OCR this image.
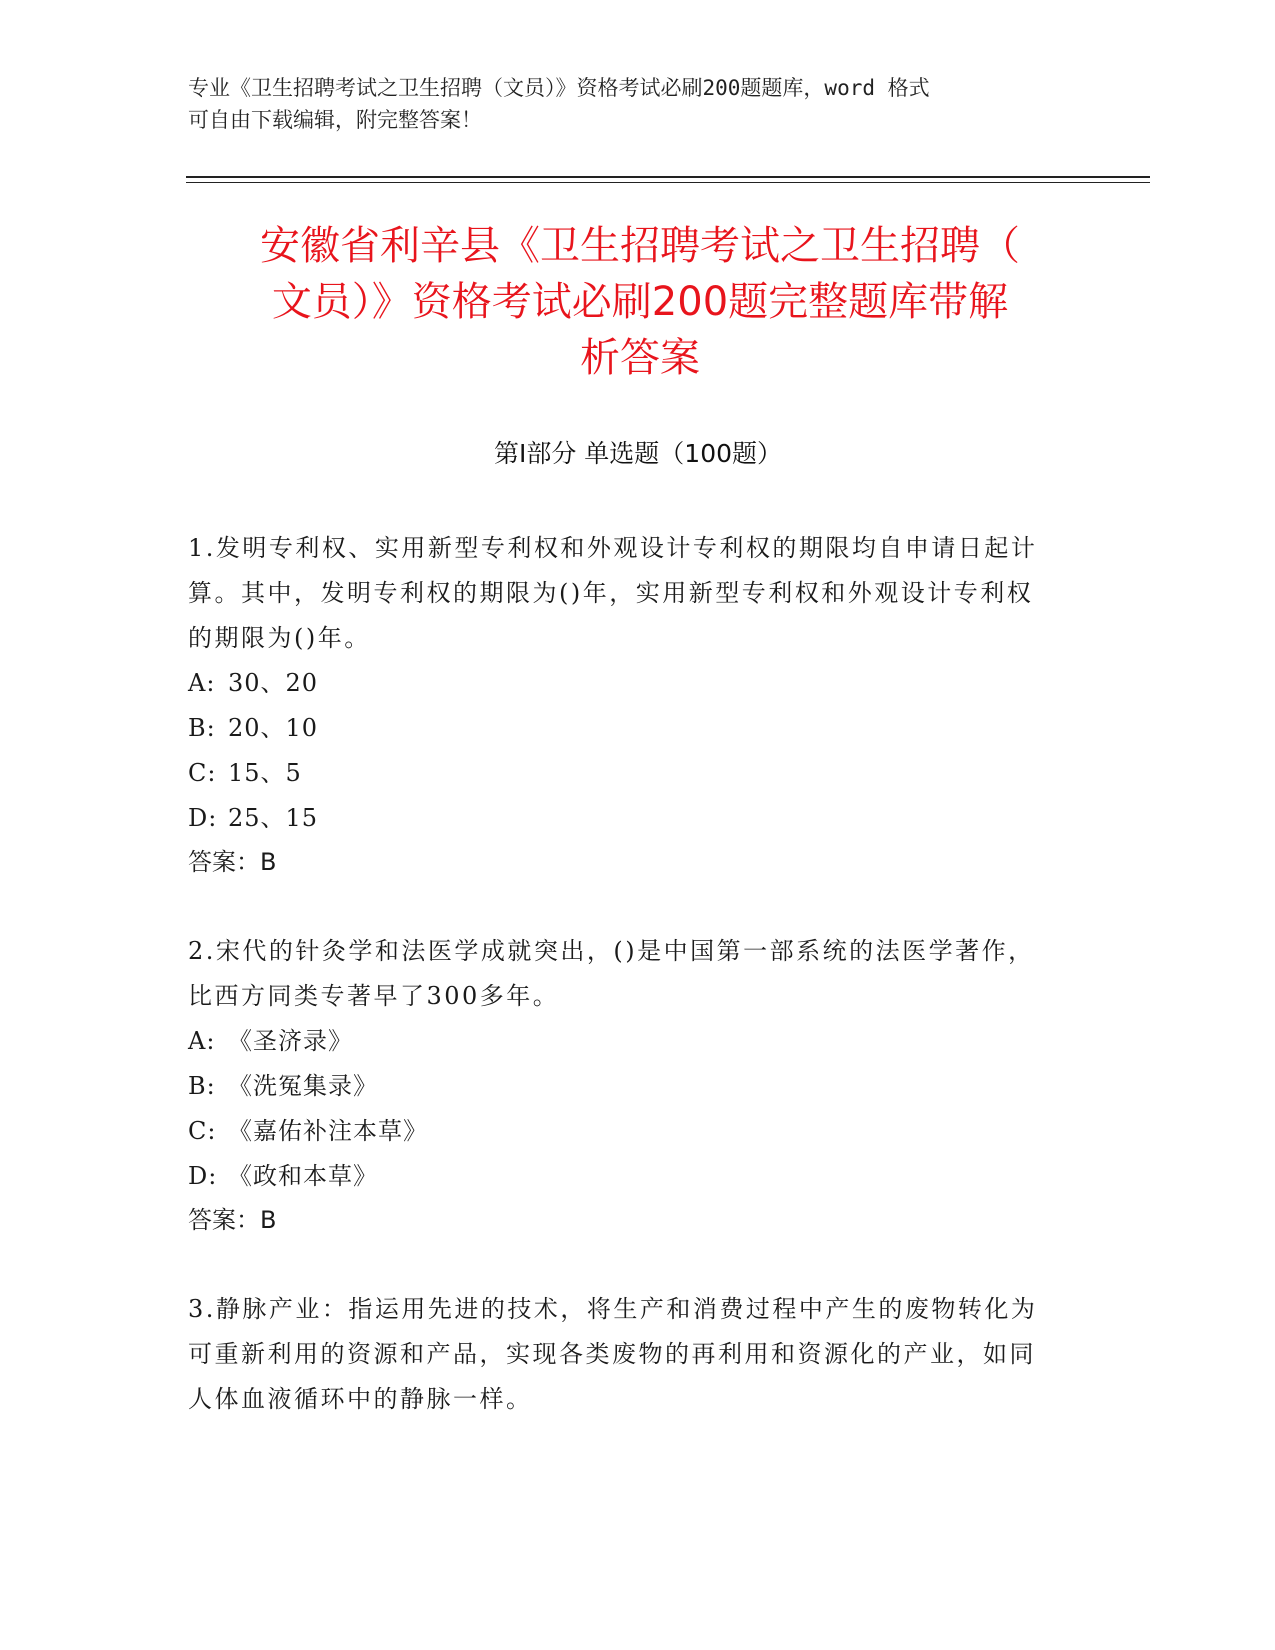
专业《卫生招聘考试之卫生招聘（文员）》资格考试必刷200题题库，word 格式
可自由下载编辑，附完整答案！
安徽省利辛县《卫生招聘考试之卫生招聘（
文员）》资格考试必刷200题完整题库带解
析答案
第Ⅰ部分 单选题（100题）

1.发明专利权、实用新型专利权和外观设计专利权的期限均自申请日起计算。其中，发明专利权的期限为()年，实用新型专利权和外观设计专利权的期限为()年。

A: 30、20

B: 20、10

C: 15、5

D: 25、15

答案：B

2.宋代的针灸学和法医学成就突出，()是中国第一部系统的法医学著作，比西方同类专著早了300多年。

A: 《圣济录》

B: 《洗冤集录》

C: 《嘉佑补注本草》

D: 《政和本草》

答案：B

3.静脉产业：指运用先进的技术，将生产和消费过程中产生的废物转化为可重新利用的资源和产品，实现各类废物的再利用和资源化的产业，如同人体血液循环中的静脉一样。
